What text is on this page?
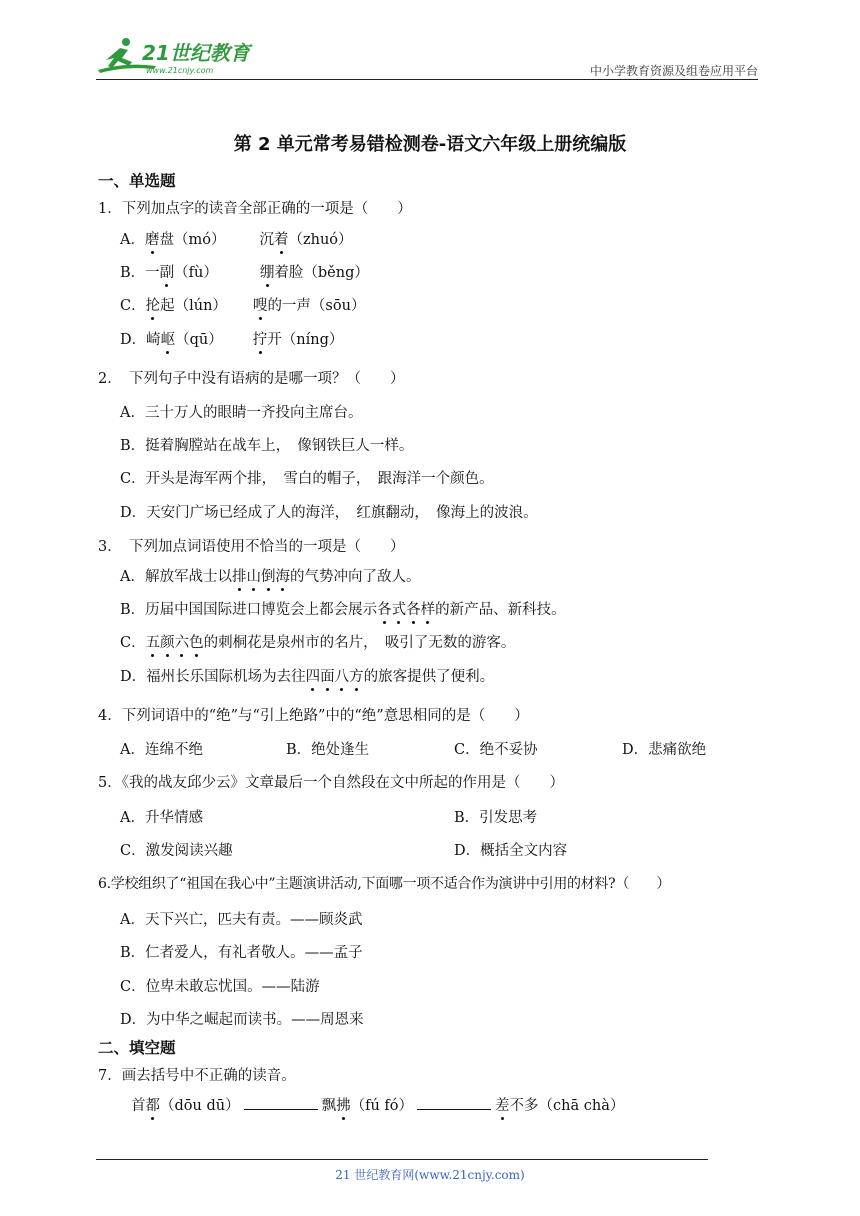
21世纪教育
www.21cnjy.com	中小学教育资源及组卷应用平台
第 2 单元常考易错检测卷-语文六年级上册统编版
一、单选题
1．下列加点字的读音全部正确的一项是（　　）
A．磨盘（mó） 沉着（zhuó）
B．一副（fù）	绷着脸（běng）
C．抡起（lún） 嗖的一声（sōu）
D．崎岖（qū） 拧开（níng）
2．　下列句子中没有语病的是哪一项？（　　）
A．三十万人的眼睛一齐投向主席台。
B．挺着胸膛站在战车上，　像钢铁巨人一样。
C．开头是海军两个排，　雪白的帽子，　跟海洋一个颜色。
D．天安门广场已经成了人的海洋，　红旗翻动，　像海上的波浪。
3．　下列加点词语使用不恰当的一项是（　　）
A．解放军战士以排山倒海的气势冲向了敌人。
B．历届中国国际进口博览会上都会展示各式各样的新产品、新科技。
C．五颜六色的刺桐花是泉州市的名片，　吸引了无数的游客。
D．福州长乐国际机场为去往四面八方的旅客提供了便利。
4．下列词语中的“绝”与“引上绝路”中的“绝”意思相同的是（　　）
A．连绵不绝	B．绝处逢生	C．绝不妥协	D．悲痛欲绝
5．《我的战友邱少云》文章最后一个自然段在文中所起的作用是（　　）
A．升华情感	B．引发思考
C．激发阅读兴趣	D．概括全文内容
6.学校组织了“祖国在我心中”主题演讲活动,下面哪一项不适合作为演讲中引用的材料?（　　）
A．天下兴亡，匹夫有责。——顾炎武
B．仁者爱人，有礼者敬人。——孟子
C．位卑未敢忘忧国。——陆游
D．为中华之崛起而读书。——周恩来
二、填空题
7．画去括号中不正确的读音。
首都（dōu dū）	飘拂（fú fó）	差不多（chā chà）
21 世纪教育网(www.21cnjy.com)
